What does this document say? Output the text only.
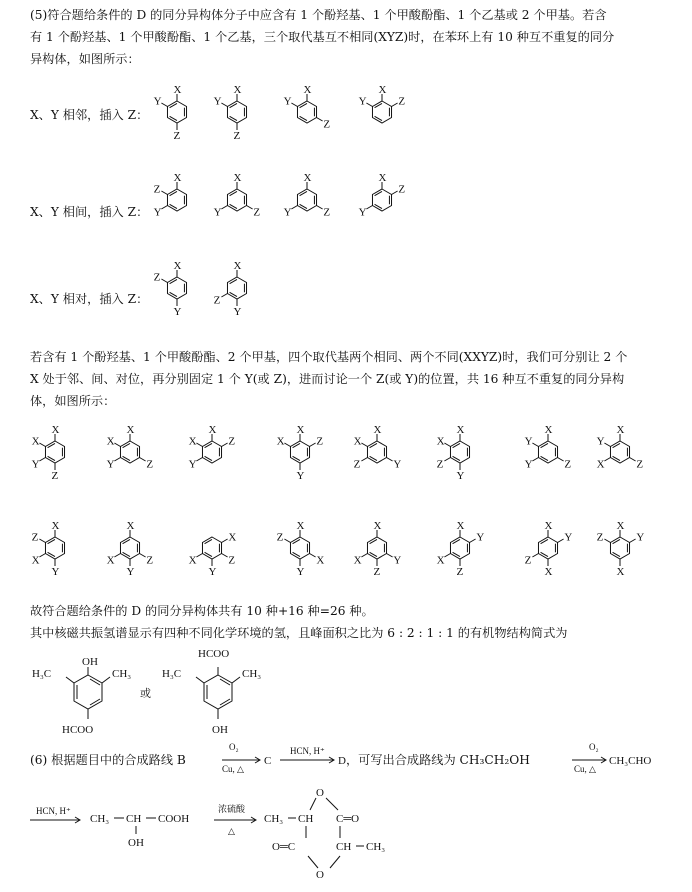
(5)符合题给条件的 D 的同分异构体分子中应含有 1 个酚羟基、1 个甲酸酚酯、1 个乙基或 2 个甲基。若含
有 1 个酚羟基、1 个甲酸酚酯、1 个乙基，三个取代基互不相同(XYZ)时，在苯环上有 10 种互不重复的同分
异构体，如图所示：
X、Y 相邻，插入 Z：
X、Y 相间，插入 Z：
X、Y 相对，插入 Z：
X
Y
Z
X
Y
Z
X
Y
Z
X
Y	Z
X
Y
Z
X
Y	Z
X
Y	Z
X
Y
Z
X
Y
Z
X
Y
Z
若含有 1 个酚羟基、1 个甲酸酚酯、2 个甲基，四个取代基两个相同、两个不同(XXYZ)时，我们可分别让 2 个
X 处于邻、间、对位，再分别固定 1 个 Y(或 Z)，进而讨论一个 Z(或 Y)的位置，共 16 种互不重复的同分异构
体，如图所示：
X
X
Y
Z
X
X
Y	Z
X
X
Y
Z
X
X
Y
Z
X
X
Y
Z
X
X
Y
Z
X
Y
Y	Z
X
Y
X	Z
X
Z
X
Y
X
X
Y
Z
X
X
Y
Z
X
Z
X
Y
X
X	Y
Z
X
Y
X
Z
X
Y
X
Z
X
Y
Z
X
故符合题给条件的 D 的同分异构体共有 10 种+16 种=26 种。
其中核磁共振氢谱显示有四种不同化学环境的氢，且峰面积之比为 6 : 2 : 1 : 1 的有机物结构简式为
OH
H₃C	CH₃
HCOO
或
HCOO
H₃C	CH₃
OH
(6) 根据题目中的合成路线 B
O₂
Cu, △
C
HCN, H⁺
D
O₂
Cu, △
CH₃CHO
，可写出合成路线为 CH₃CH₂OH
HCN, H⁺
CH₃ CH COOH
OH
浓硫酸
△
O
CH₃ CH C═O
O═C	CH CH₃
O
